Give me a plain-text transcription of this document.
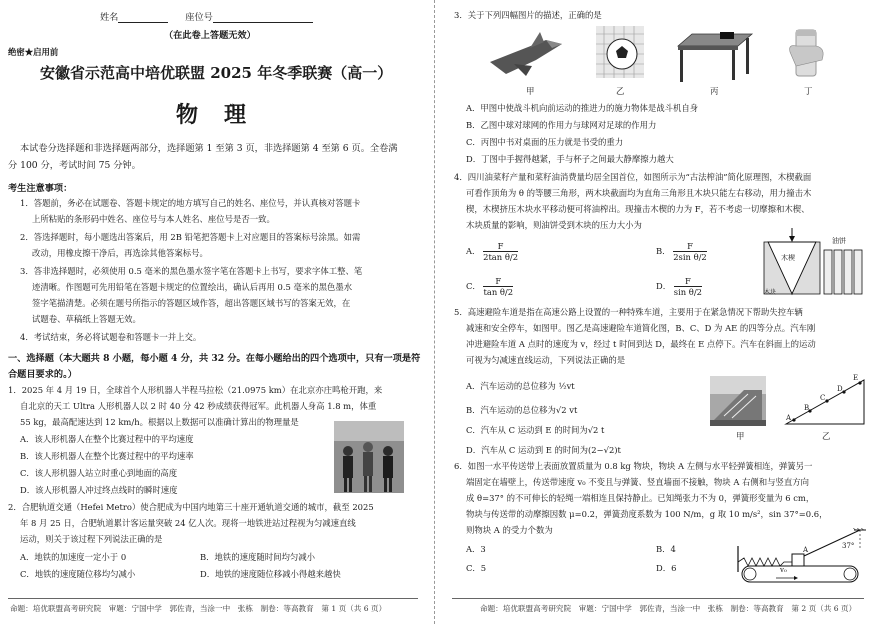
姓名	座位号
（在此卷上答题无效）
绝密★启用前
安徽省示范高中培优联盟 2025 年冬季联赛（高一）
物　理
本试卷分选择题和非选择题两部分，选择题第 1 至第 3 页，非选择题第 4 至第 6 页。全卷满
分 100 分，考试时间 75 分钟。
考生注意事项：
1．答题前，务必在试题卷、答题卡规定的地方填写自己的姓名、座位号，并认真核对答题卡
上所粘贴的条形码中姓名、座位号与本人姓名、座位号是否一致。
2．答选择题时，每小题选出答案后，用 2B 铅笔把答题卡上对应题目的答案标号涂黑。如需
改动，用橡皮擦干净后，再选涂其他答案标号。
3．答非选择题时，必须使用 0.5 毫米的黑色墨水签字笔在答题卡上书写，要求字体工整、笔
迹清晰。作图题可先用铅笔在答题卡规定的位置绘出，确认后再用 0.5 毫米的黑色墨水
签字笔描清楚。必须在题号所指示的答题区域作答，超出答题区域书写的答案无效，在
试题卷、草稿纸上答题无效。
4．考试结束，务必将试题卷和答题卡一并上交。
一、选择题（本大题共 8 小题，每小题 4 分，共 32 分。在每小题给出的四个选项中，只有一项是符
合题目要求的。）
1．2025 年 4 月 19 日，全球首个人形机器人半程马拉松（21.0975 km）在北京亦庄鸣枪开跑，来
自北京的天工 Ultra 人形机器人以 2 时 40 分 42 秒成绩获得冠军。此机器人身高 1.8 m，体重
55 kg，最高配速达到 12 km/h。根据以上数据可以准确计算出的物理量是
A．该人形机器人在整个比赛过程中的平均速度
B．该人形机器人在整个比赛过程中的平均速率
C．该人形机器人站立时重心到地面的高度
D．该人形机器人冲过终点线时的瞬时速度
2．合肥轨道交通（Hefei Metro）使合肥成为中国内地第三十座开通轨道交通的城市，截至 2025
年 8 月 25 日，合肥轨道累计客运量突破 24 亿人次。现将一地铁进站过程视为匀减速直线
运动，则关于该过程下列说法正确的是
A．地铁的加速度一定小于 0	B．地铁的速度随时间均匀减小
C．地铁的速度随位移均匀减小	D．地铁的速度随位移减小得越来越快
命题：培优联盟高考研究院　审题：宁国中学　郭佐青，当涂一中　张栋　制卷：等高教育　第 1 页（共 6 页）
3．关于下列四幅图片的描述，正确的是
甲	乙	丙	丁
A．甲图中使战斗机向前运动的推进力的施力物体是战斗机自身
B．乙图中球对球网的作用力与球网对足球的作用力
C．丙图中书对桌面的压力就是书受的重力
D．丁图中手握得越紧，手与杯子之间最大静摩擦力越大
4．四川油菜籽产量和菜籽油消费量均居全国首位，如图所示为“古法榨油”简化原理图，木楔截面
可看作顶角为 θ 的等腰三角形，两木块截面均为直角三角形且木块只能左右移动，用力撞击木
楔，木楔挤压木块水平移动便可将油榨出。现撞击木楔的力为 F，若不考虑一切摩擦和木楔、
木块质量的影响，则油饼受到木块的压力大小为
A． $\frac{F}{\text{2tan θ/2}}$	B． $\frac{F}{\text{2sin θ/2}}$
C． $\frac{F}{\text{tan θ/2}}$	D． $\frac{F}{\text{sin θ/2}}$
木楔
油饼
木块
5．高速避险车道是指在高速公路上设置的一种特殊车道，主要用于在紧急情况下帮助失控车辆
减速和安全停车，如图甲。图乙是高速避险车道简化图，B、C、D 为 AE 的四等分点。汽车刚
冲进避险车道 A 点时的速度为 v，经过 t 时间到达 D，最终在 E 点停下。汽车在斜面上的运动
可视为匀减速直线运动，下列说法正确的是
A．汽车运动的总位移为 ½vt
B．汽车运动的总位移为√2 vt
C．汽车从 C 运动到 E 的时间为√2 t
D．汽车从 C 运动到 E 的时间为(2−√2)t
甲
A
B
C
D
E
乙
6．如图一水平传送带上表面放置质量为 0.8 kg 物块，物块 A 左侧与水平轻弹簧相连，弹簧另一
端固定在墙壁上，传送带速度 v₀ 不变且与弹簧、竖直墙面不接触，物块 A 右侧和与竖直方向
成 θ=37° 的不可伸长的轻绳一端相连且保持静止。已知绳张力不为 0，弹簧形变量为 6 cm，
物块与传送带的动摩擦因数 μ=0.2，弹簧劲度系数为 100 N/m，g 取 10 m/s²，sin 37°=0.6，
则物块 A 的受力个数为
A．3	B．4
C．5	D．6
37°
A
v₀
命题：培优联盟高考研究院　审题：宁国中学　郭佐青，当涂一中　张栋　制卷：等高教育　第 2 页（共 6 页）
